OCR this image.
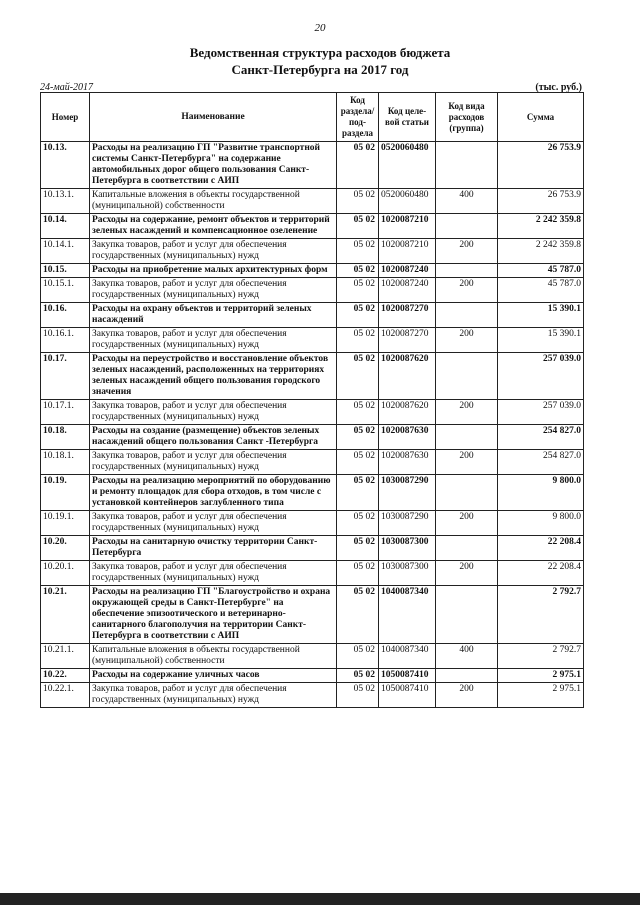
20
Ведомственная структура расходов бюджета
Санкт-Петербурга на 2017 год
24-май-2017	(тыс. руб.)
Номер	Наименование	Код раздела/ под-раздела	Код целе-вой статьи	Код вида расходов (группа)	Сумма
10.13.	Расходы на реализацию ГП "Развитие транспортной системы Санкт-Петербурга" на содержание автомобильных дорог общего пользования Санкт-Петербурга в соответствии с АИП	05 02	0520060480		26 753.9
10.13.1.	Капитальные вложения в объекты государственной (муниципальной) собственности	05 02	0520060480	400	26 753.9
10.14.	Расходы на содержание, ремонт объектов и территорий зеленых насаждений и компенсационное озеленение	05 02	1020087210		2 242 359.8
10.14.1.	Закупка товаров, работ и услуг для обеспечения государственных (муниципальных) нужд	05 02	1020087210	200	2 242 359.8
10.15.	Расходы на приобретение малых архитектурных форм	05 02	1020087240		45 787.0
10.15.1.	Закупка товаров, работ и услуг для обеспечения государственных (муниципальных) нужд	05 02	1020087240	200	45 787.0
10.16.	Расходы на охрану объектов и территорий зеленых насаждений	05 02	1020087270		15 390.1
10.16.1.	Закупка товаров, работ и услуг для обеспечения государственных (муниципальных) нужд	05 02	1020087270	200	15 390.1
10.17.	Расходы на переустройство и восстановление объектов зеленых насаждений, расположенных на территориях зеленых насаждений общего пользования городского значения	05 02	1020087620		257 039.0
10.17.1.	Закупка товаров, работ и услуг для обеспечения государственных (муниципальных) нужд	05 02	1020087620	200	257 039.0
10.18.	Расходы на создание (размещение) объектов зеленых насаждений общего пользования Санкт -Петербурга	05 02	1020087630		254 827.0
10.18.1.	Закупка товаров, работ и услуг для обеспечения государственных (муниципальных) нужд	05 02	1020087630	200	254 827.0
10.19.	Расходы на реализацию мероприятий по оборудованию и ремонту площадок для сбора отходов, в том числе с установкой контейнеров заглубленного типа	05 02	1030087290		9 800.0
10.19.1.	Закупка товаров, работ и услуг для обеспечения государственных (муниципальных) нужд	05 02	1030087290	200	9 800.0
10.20.	Расходы на санитарную очистку территории Санкт-Петербурга	05 02	1030087300		22 208.4
10.20.1.	Закупка товаров, работ и услуг для обеспечения государственных (муниципальных) нужд	05 02	1030087300	200	22 208.4
10.21.	Расходы на реализацию ГП "Благоустройство и охрана окружающей среды в Санкт-Петербурге" на обеспечение эпизоотического и ветеринарно-санитарного благополучия на территории Санкт-Петербурга в соответствии с АИП	05 02	1040087340		2 792.7
10.21.1.	Капитальные вложения в объекты государственной (муниципальной) собственности	05 02	1040087340	400	2 792.7
10.22.	Расходы на содержание уличных часов	05 02	1050087410		2 975.1
10.22.1.	Закупка товаров, работ и услуг для обеспечения государственных (муниципальных) нужд	05 02	1050087410	200	2 975.1
